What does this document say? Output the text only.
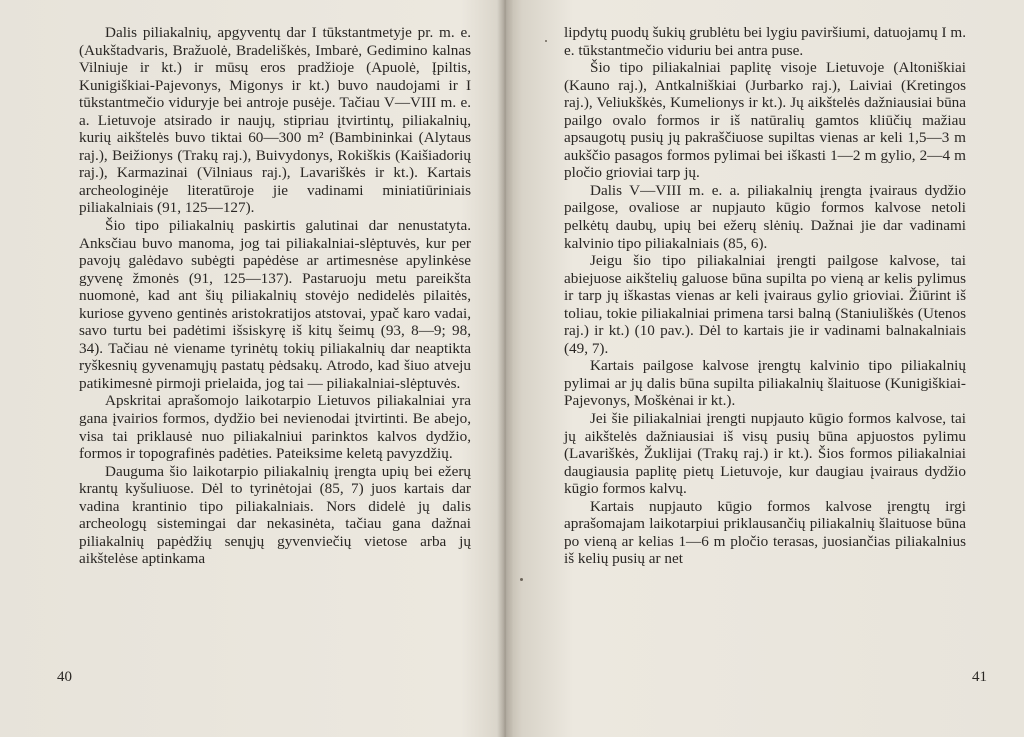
Dalis piliakalnių, apgyventų dar I tūkstantmetyje pr. m. e. (Aukštadvaris, Bražuolė, Bradeliškės, Imbarė, Gedimino kalnas Vilniuje ir kt.) ir mūsų eros pradžioje (Apuolė, Įpiltis, Kunigiškiai-Pajevonys, Migonys ir kt.) buvo naudojami ir I tūkstantmečio viduryje bei antroje pusėje. Tačiau V—VIII m. e. a. Lietuvoje atsirado ir naujų, stipriau įtvirtintų, piliakalnių, kurių aikštelės buvo tiktai 60—300 m² (Bambininkai (Alytaus raj.), Beižionys (Trakų raj.), Buivydonys, Rokiškis (Kaišiadorių raj.), Karmazinai (Vilniaus raj.), Lavariškės ir kt.). Kartais archeologinėje literatūroje jie vadinami miniatiūriniais piliakalniais (91, 125—127).

Šio tipo piliakalnių paskirtis galutinai dar nenustatyta. Anksčiau buvo manoma, jog tai piliakalniai-slėptuvės, kur per pavojų galėdavo subėgti papėdėse ar artimesnėse apylinkėse gyvenę žmonės (91, 125—137). Pastaruoju metu pareikšta nuomonė, kad ant šių piliakalnių stovėjo nedidelės pilaitės, kuriose gyveno gentinės aristokratijos atstovai, ypač karo vadai, savo turtu bei padėtimi išsiskyrę iš kitų šeimų (93, 8—9; 98, 34). Tačiau nė viename tyrinėtų tokių piliakalnių dar neaptikta ryškesnių gyvenamųjų pastatų pėdsakų. Atrodo, kad šiuo atveju patikimesnė pirmoji prielaida, jog tai — piliakalniai-slėptuvės.

Apskritai aprašomojo laikotarpio Lietuvos piliakalniai yra gana įvairios formos, dydžio bei nevienodai įtvirtinti. Be abejo, visa tai priklausė nuo piliakalniui parinktos kalvos dydžio, formos ir topografinės padėties. Pateiksime keletą pavyzdžių.

Dauguma šio laikotarpio piliakalnių įrengta upių bei ežerų krantų kyšuliuose. Dėl to tyrinėtojai (85, 7) juos kartais dar vadina krantinio tipo piliakalniais. Nors didelė jų dalis archeologų sistemingai dar nekasinėta, tačiau gana dažnai piliakalnių papėdžių senųjų gyvenviečių vietose arba jų aikštelėse aptinkama

40

lipdytų puodų šukių grublėtu bei lygiu paviršiumi, datuojamų I m. e. tūkstantmečio viduriu bei antra puse.

Šio tipo piliakalniai paplitę visoje Lietuvoje (Altoniškiai (Kauno raj.), Antkalniškiai (Jurbarko raj.), Laiviai (Kretingos raj.), Veliukškės, Kumelionys ir kt.). Jų aikštelės dažniausiai būna pailgo ovalo formos ir iš natūralių gamtos kliūčių mažiau apsaugotų pusių jų pakraščiuose supiltas vienas ar keli 1,5—3 m aukščio pasagos formos pylimai bei iškasti 1—2 m gylio, 2—4 m pločio grioviai tarp jų.

Dalis V—VIII m. e. a. piliakalnių įrengta įvairaus dydžio pailgose, ovaliose ar nupjauto kūgio formos kalvose netoli pelkėtų daubų, upių bei ežerų slėnių. Dažnai jie dar vadinami kalvinio tipo piliakalniais (85, 6).

Jeigu šio tipo piliakalniai įrengti pailgose kalvose, tai abiejuose aikštelių galuose būna supilta po vieną ar kelis pylimus ir tarp jų iškastas vienas ar keli įvairaus gylio grioviai. Žiūrint iš toliau, tokie piliakalniai primena tarsi balną (Staniuliškės (Utenos raj.) ir kt.) (10 pav.). Dėl to kartais jie ir vadinami balnakalniais (49, 7).

Kartais pailgose kalvose įrengtų kalvinio tipo piliakalnių pylimai ar jų dalis būna supilta piliakalnių šlaituose (Kunigiškiai-Pajevonys, Moškėnai ir kt.).

Jei šie piliakalniai įrengti nupjauto kūgio formos kalvose, tai jų aikštelės dažniausiai iš visų pusių būna apjuostos pylimu (Lavariškės, Žuklijai (Trakų raj.) ir kt.). Šios formos piliakalniai daugiausia paplitę pietų Lietuvoje, kur daugiau įvairaus dydžio kūgio formos kalvų.

Kartais nupjauto kūgio formos kalvose įrengtų irgi aprašomajam laikotarpiui priklausančių piliakalnių šlaituose būna po vieną ar kelias 1—6 m pločio terasas, juosiančias piliakalnius iš kelių pusių ar net

41
